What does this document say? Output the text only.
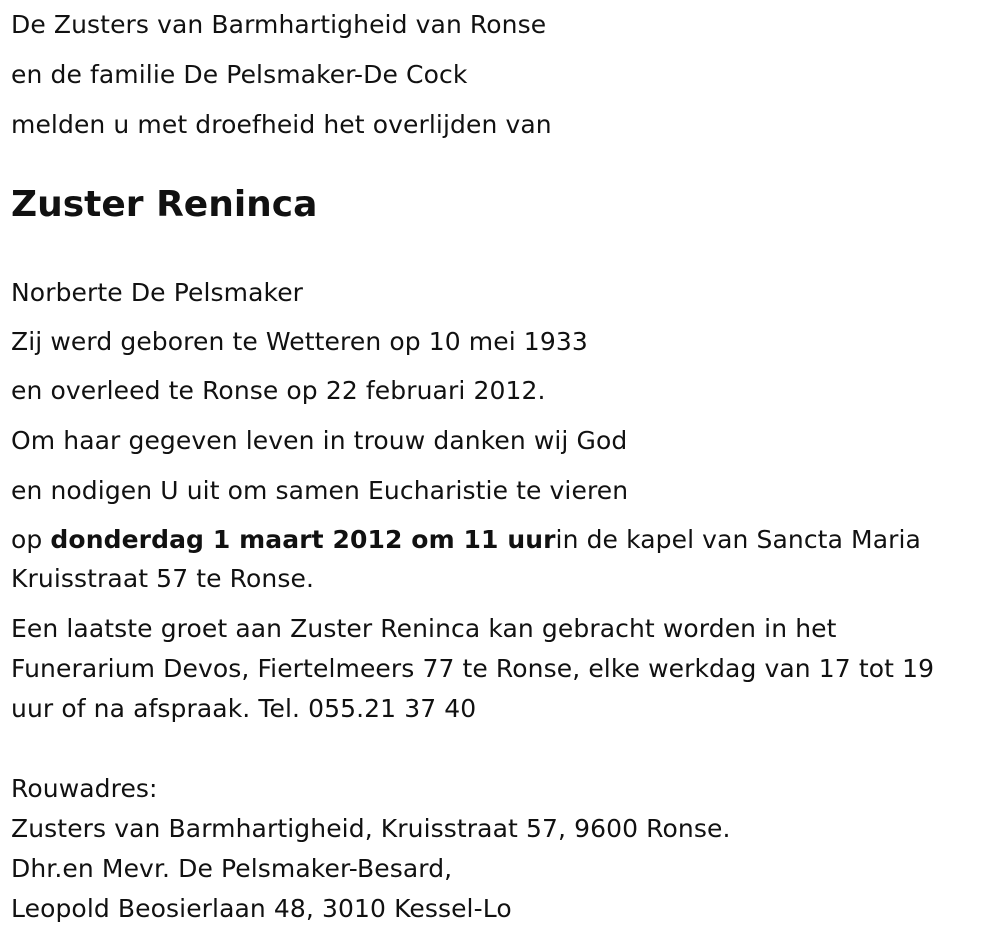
De Zusters van Barmhartigheid van Ronse
en de familie De Pelsmaker-De Cock
melden u met droefheid het overlijden van
Zuster Reninca
Norberte De Pelsmaker
Zij werd geboren te Wetteren op 10 mei 1933
en overleed te Ronse op 22 februari 2012.
Om haar gegeven leven in trouw danken wij God
en nodigen U uit om samen Eucharistie te vieren
op donderdag 1 maart 2012 om 11 uurin de kapel van Sancta Maria
Kruisstraat 57 te Ronse.
Een laatste groet aan Zuster Reninca kan gebracht worden in het
Funerarium Devos, Fiertelmeers 77 te Ronse, elke werkdag van 17 tot 19
uur of na afspraak. Tel. 055.21 37 40
Rouwadres:
Zusters van Barmhartigheid, Kruisstraat 57, 9600 Ronse.
Dhr.en Mevr. De Pelsmaker-Besard,
Leopold Beosierlaan 48, 3010 Kessel-Lo
